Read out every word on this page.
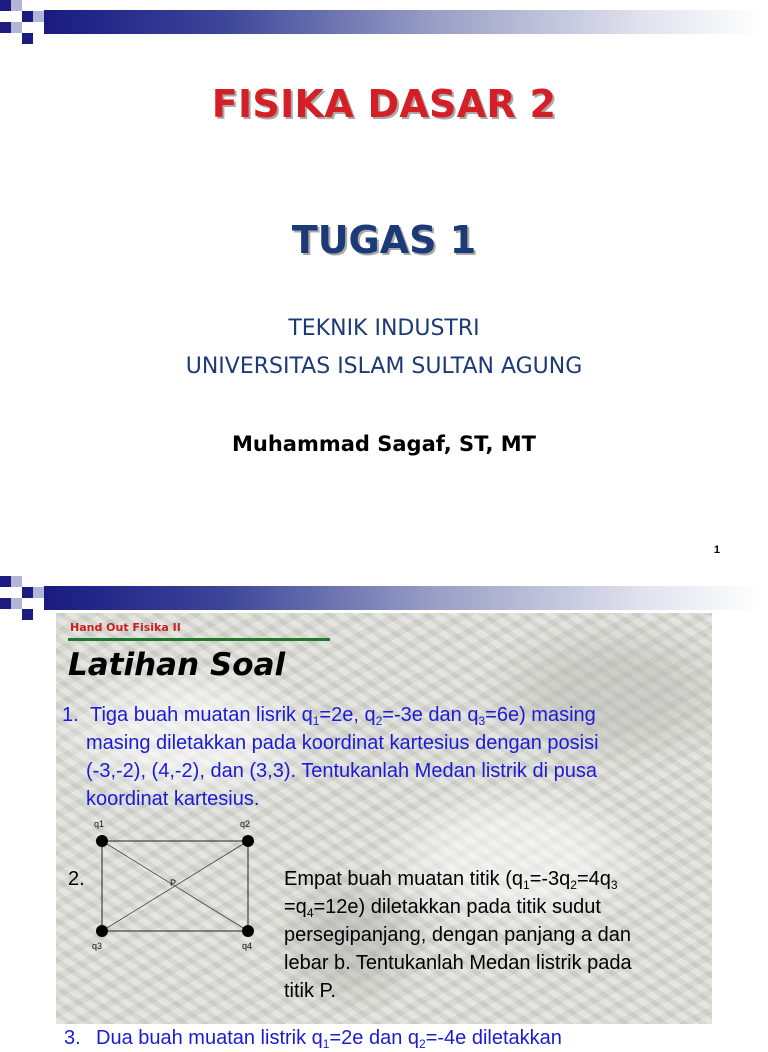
FISIKA DASAR 2
TUGAS 1
TEKNIK INDUSTRI
UNIVERSITAS ISLAM SULTAN AGUNG
Muhammad Sagaf, ST, MT
1
Hand Out Fisika II
Latihan Soal
1. Tiga buah muatan lisrik $q_1=2e$, $q_2=-3e$ dan $q_3=6e$) masing
masing diletakkan pada koordinat kartesius dengan posisi
(-3,-2), (4,-2), dan (3,3). Tentukanlah Medan listrik di pusa
koordinat kartesius.
2.
q1	q2
q3	q4
P	Empat buah muatan titik ($q_1=-3q_2=4q_3$
$=q_4=12e$) diletakkan pada titik sudut
persegipanjang, dengan panjang a dan
lebar b. Tentukanlah Medan listrik pada
titik P.
3. Dua buah muatan listrik $q_1=2e$ dan $q_2=-4e$ diletakkan
